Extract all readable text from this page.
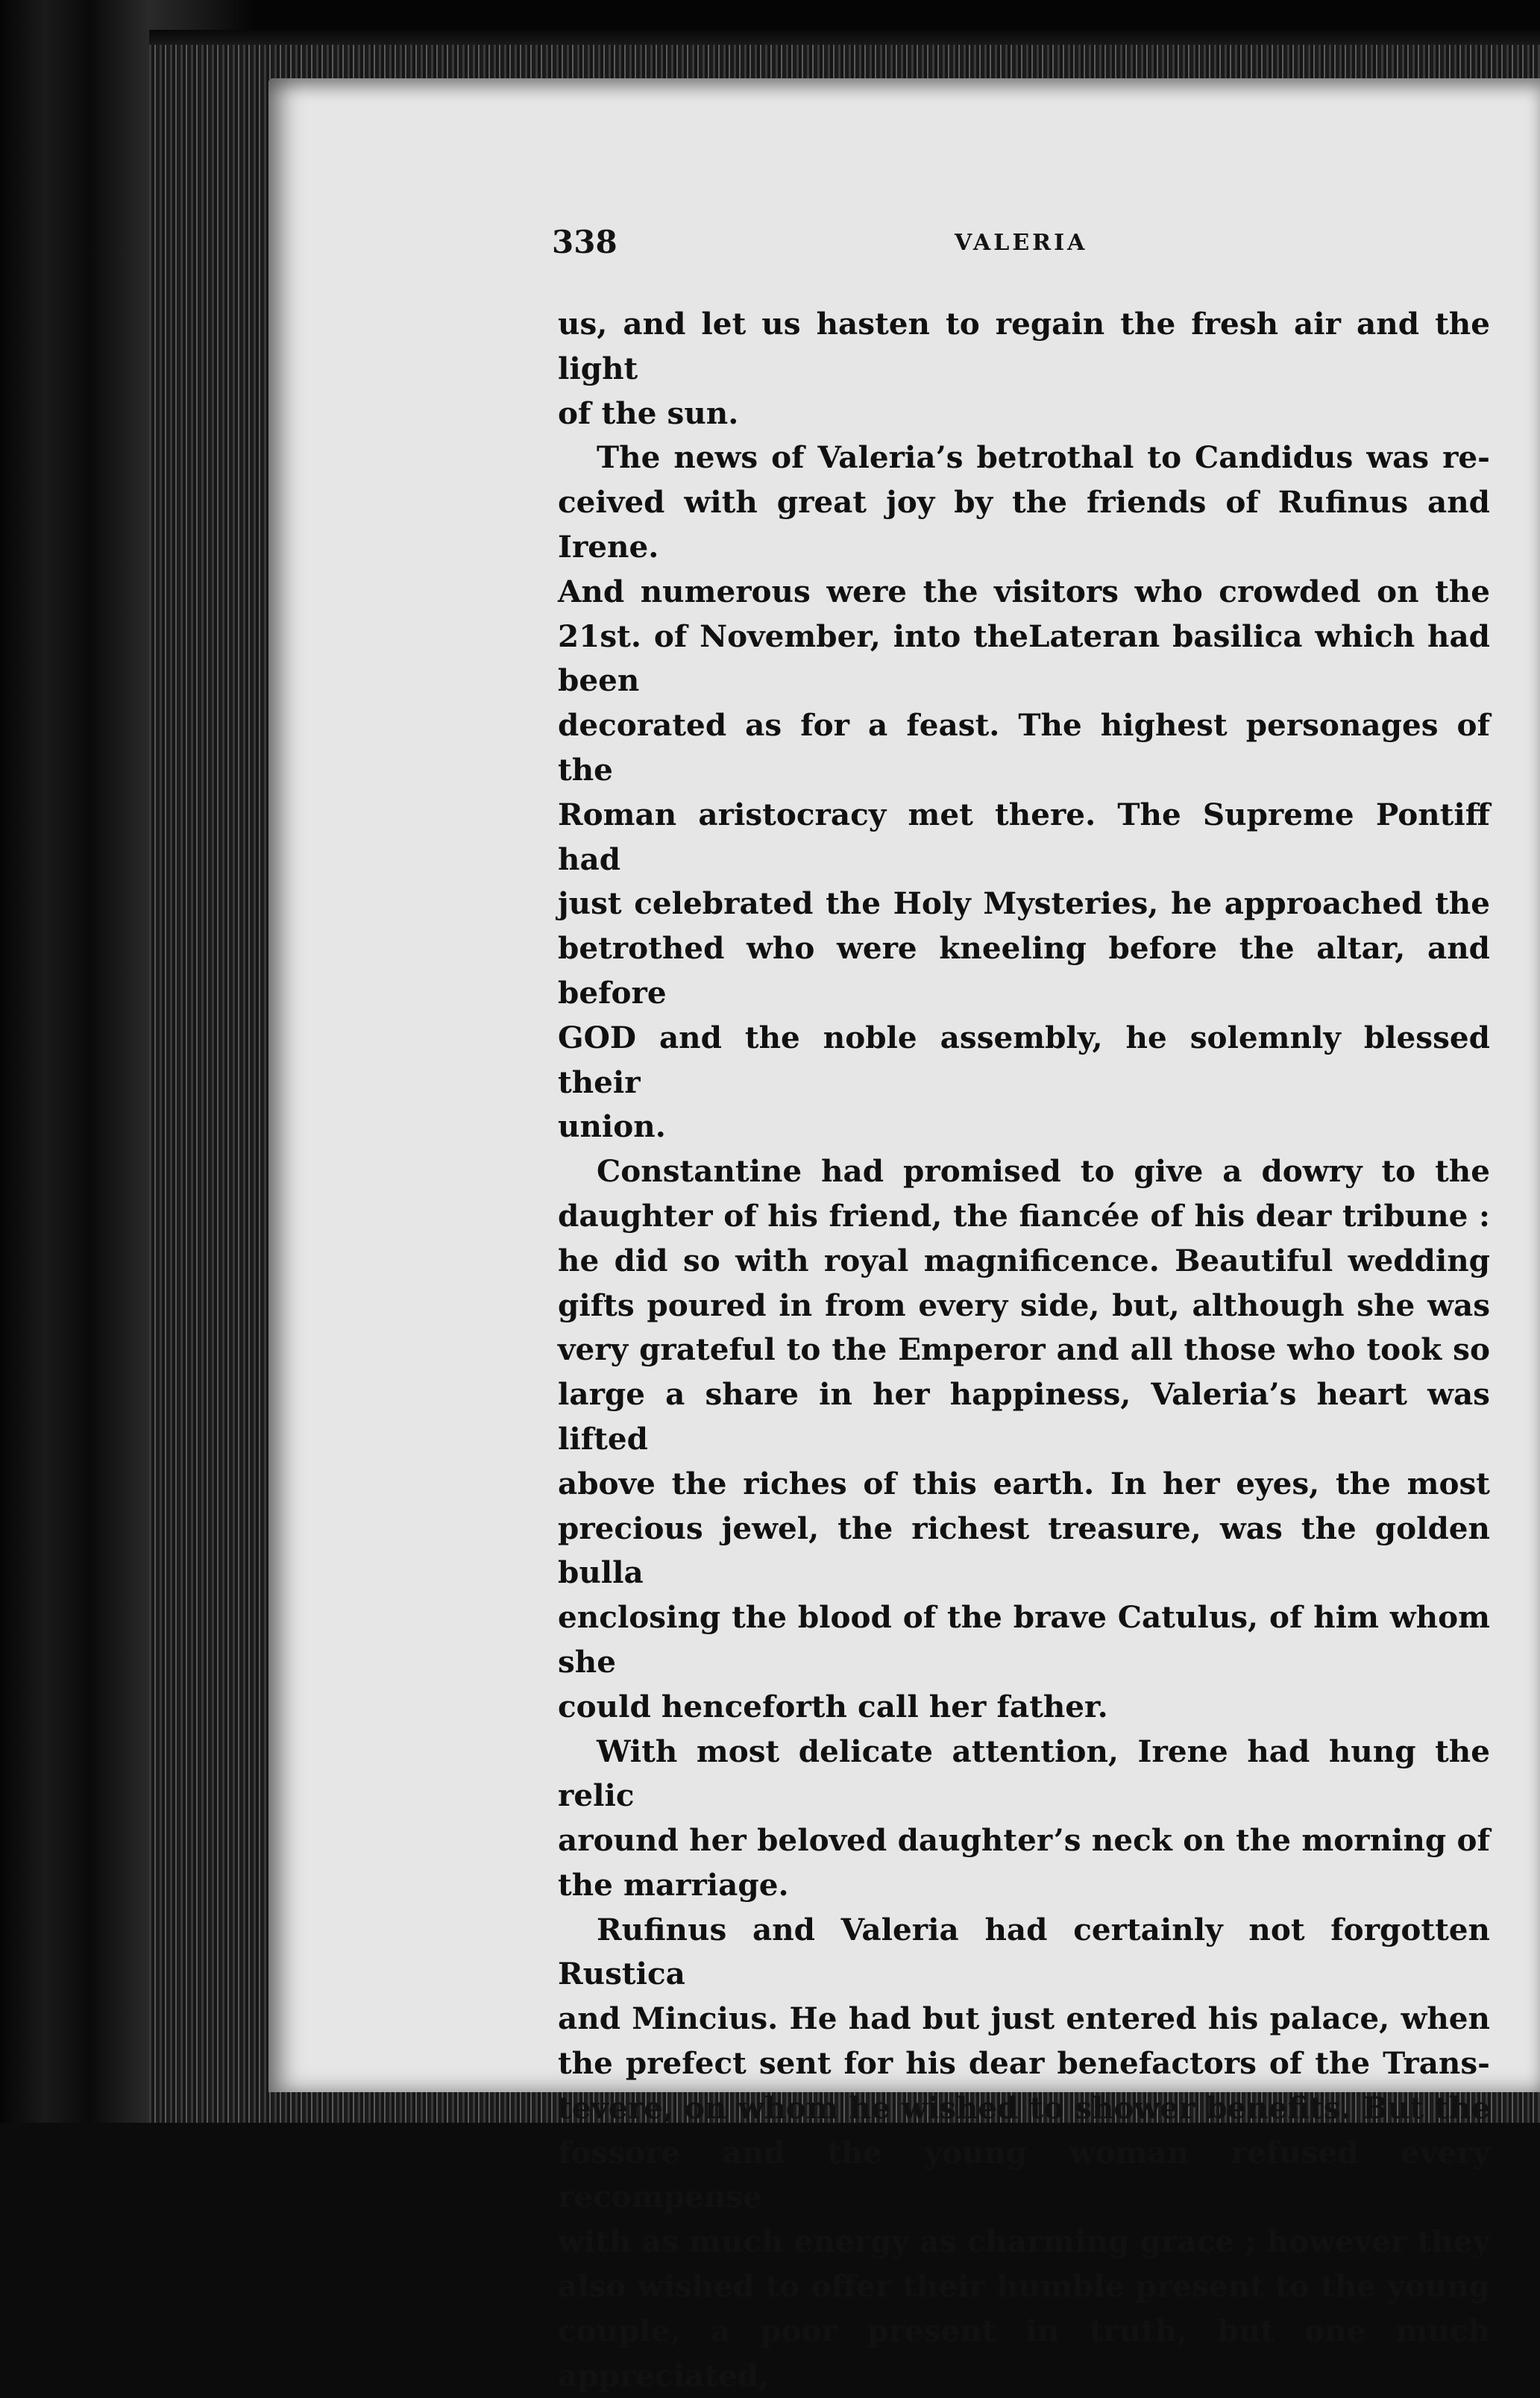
338	VALERIA
us, and let us hasten to regain the fresh air and the light
of the sun.
The news of Valeria’s betrothal to Candidus was re-
ceived with great joy by the friends of Rufinus and Irene.
And numerous were the visitors who crowded on the
21st. of November, into theLateran basilica which had been
decorated as for a feast. The highest personages of the
Roman aristocracy met there. The Supreme Pontiff had
just celebrated the Holy Mysteries, he approached the
betrothed who were kneeling before the altar, and before
GOD and the noble assembly, he solemnly blessed their
union.
Constantine had promised to give a dowry to the
daughter of his friend, the fiancée of his dear tribune :
he did so with royal magnificence. Beautiful wedding
gifts poured in from every side, but, although she was
very grateful to the Emperor and all those who took so
large a share in her happiness, Valeria’s heart was lifted
above the riches of this earth. In her eyes, the most
precious jewel, the richest treasure, was the golden bulla
enclosing the blood of the brave Catulus, of him whom she
could henceforth call her father.
With most delicate attention, Irene had hung the relic
around her beloved daughter’s neck on the morning of
the marriage.
Rufinus and Valeria had certainly not forgotten Rustica
and Mincius. He had but just entered his palace, when
the prefect sent for his dear benefactors of the Trans-
tevere, on whom he wished to shower benefits. But the
fossore and the young woman refused every recompense
with as much energy as charming grace ; however they
also wished to offer their humble present to the young
couple, a poor present in truth, but one much appreciated,
